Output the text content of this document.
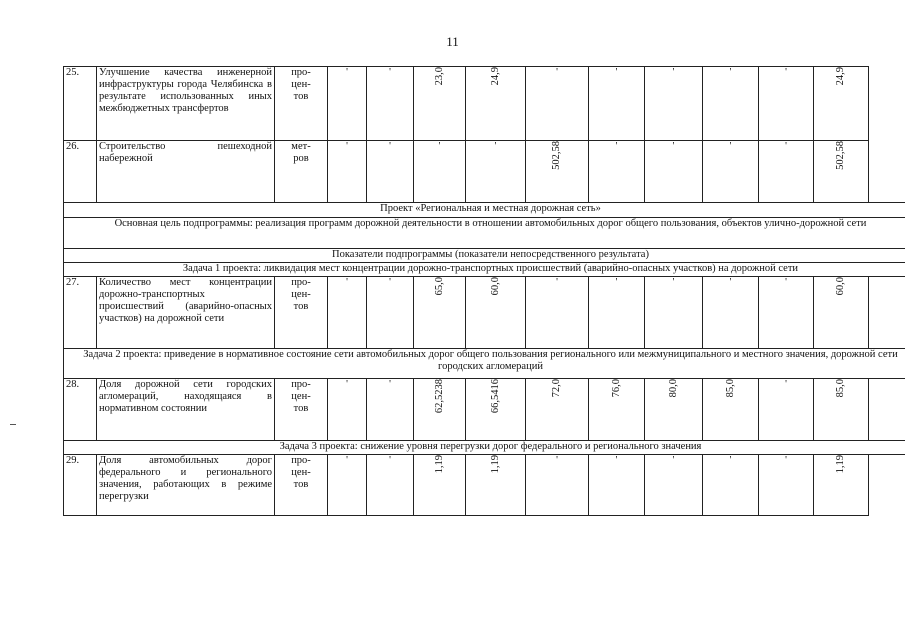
11
25.	Улучшение качества инженерной инфраструктуры города Челябинска в результате использованных иных межбюджетных трансфертов	про-
цен-
тов	'	'	23,0	24,9	'	'	'	'	'	24,9
26.	Строительство пешеходной набережной	мет-
ров	'	'	'	'	502,58	'	'	'	'	502,58
Проект «Региональная и местная дорожная сеть»												
Основная цель подпрограммы: реализация программ дорожной деятельности в отношении автомобильных дорог общего пользования, объектов улично-дорожной сети												
Показатели подпрограммы (показатели непосредственного результата)												
Задача 1 проекта: ликвидация мест концентрации дорожно-транспортных происшествий (аварийно-опасных участков) на дорожной сети												
27.	Количество мест концентрации дорожно-транспортных происшествий (аварийно-опасных участков) на дорожной сети	про-
цен-
тов	'	'	65,0	60,0	'	'	'	'	'	60,0
Задача 2 проекта: приведение в нормативное состояние сети автомобильных дорог общего пользования регионального или межмуниципального и местного значения, дорожной сети городских агломераций												
28.	Доля дорожной сети городских агломераций, находящаяся в нормативном состоянии	про-
цен-
тов	'	'	62,5238	66,5416	72,0	76,0	80,0	85,0	'	85,0
Задача 3 проекта: снижение уровня перегрузки дорог федерального и регионального значения												
29.	Доля автомобильных дорог федерального и регионального значения, работающих в режиме перегрузки	про-
цен-
тов	'	'	1,19	1,19	'	'	'	'	'	1,19
